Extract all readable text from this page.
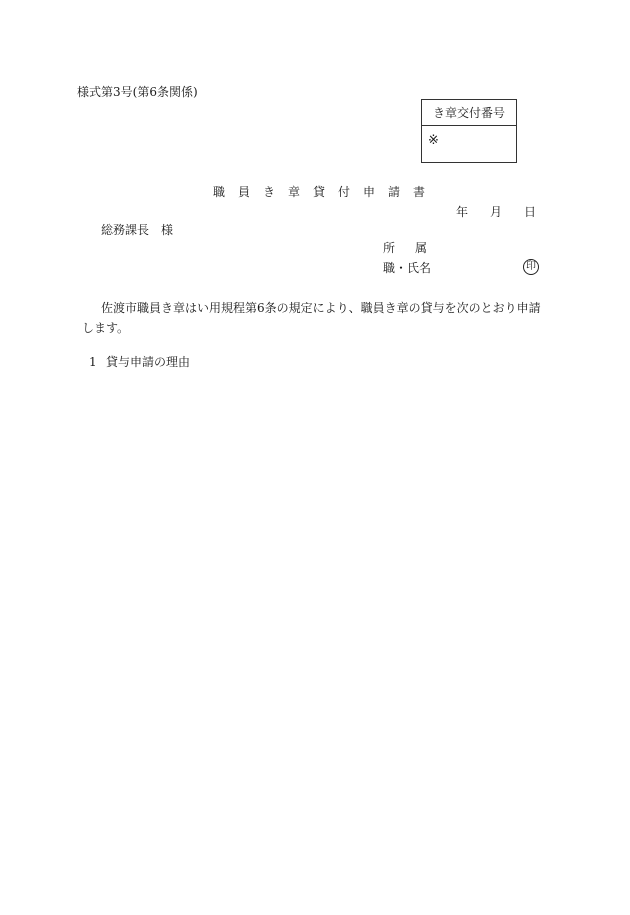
様式第3号(第6条関係)
き章交付番号
※
職員き章貸付申請書
年 月 日
総務課長　様
所 属
職・氏名	印
佐渡市職員き章はい用規程第6条の規定により、職員き章の貸与を次のとおり申請します。
1 貸与申請の理由
